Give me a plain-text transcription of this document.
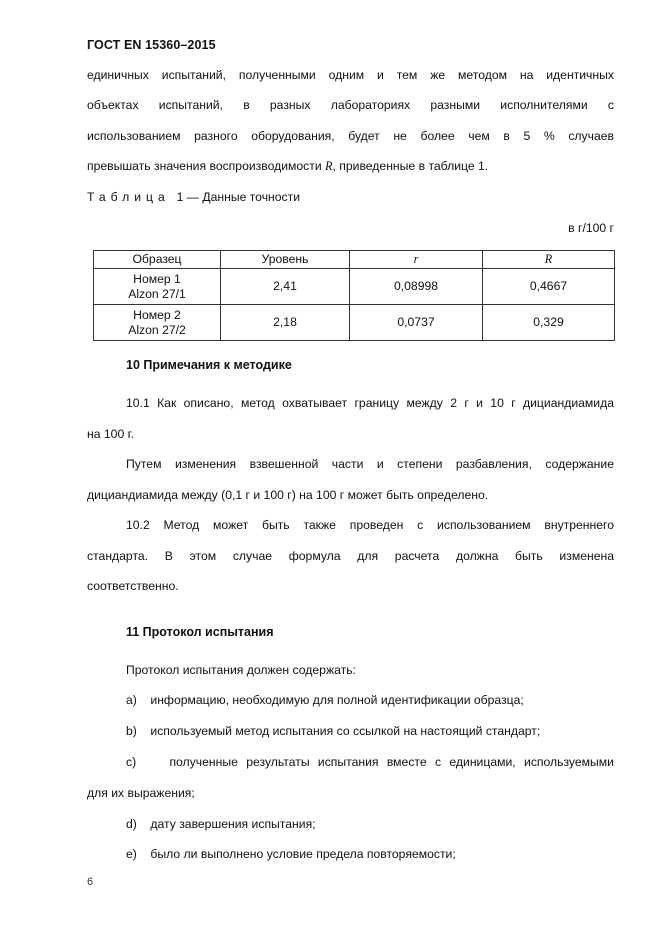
ГОСТ EN 15360–2015

единичных испытаний, полученными одним и тем же методом на идентичных

объектах испытаний, в разных лабораториях разными исполнителями с

использованием разного оборудования, будет не более чем в 5 % случаев

превышать значения воспроизводимости R, приведенные в таблице 1.

Таблица 1 — Данные точности

в г/100 г
Образец	Уровень	r	R
Номер 1
Alzon 27/1	2,41	0,08998	0,4667
Номер 2
Alzon 27/2	2,18	0,0737	0,329

10 Примечания к методике

10.1 Как описано, метод охватывает границу между 2 г и 10 г дициандиамида

на 100 г.

Путем изменения взвешенной части и степени разбавления, содержание

дициандиамида между (0,1 г и 100 г) на 100 г может быть определено.

10.2 Метод может быть также проведен с использованием внутреннего

стандарта. В этом случае формула для расчета должна быть изменена

соответственно.

11 Протокол испытания

Протокол испытания должен содержать:

a)    информацию, необходимую для полной идентификации образца;

b)    используемый метод испытания со ссылкой на настоящий стандарт;

c)    полученные результаты испытания вместе с единицами, используемыми

для их выражения;

d)    дату завершения испытания;

e)    было ли выполнено условие предела повторяемости;

6
